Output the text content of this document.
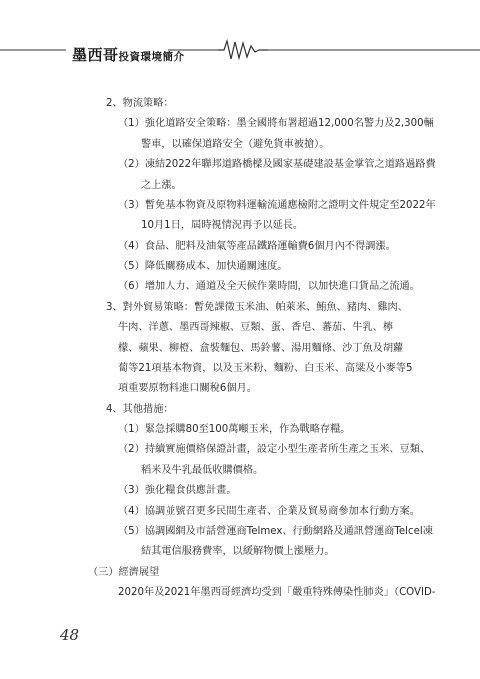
墨西哥投資環境簡介
2、物流策略：
（1）強化道路安全策略：墨全國將布署超過12,000名警力及2,300輛
警車，以確保道路安全（避免貨車被搶）。
（2）凍結2022年聯邦道路橋樑及國家基礎建設基金掌管之道路過路費
之上漲。
（3）暫免基本物資及原物料運輸流通應檢附之證明文件規定至2022年
10月1日，屆時視情況再予以延長。
（4）食品、肥料及油氣等產品鐵路運輸費6個月內不得調漲。
（5）降低關務成本、加快通關速度。
（6）增加人力、通道及全天候作業時間，以加快進口貨品之流通。
3、對外貿易策略：暫免課徵玉米油、帕萊米、鮪魚、豬肉、雞肉、
牛肉、洋蔥、墨西哥辣椒、豆類、蛋、香皂、蕃茄、牛乳、檸
檬、蘋果、柳橙、盒裝麵包、馬鈴薯、湯用麵條、沙丁魚及胡蘿
蔔等21項基本物資，以及玉米粉、麵粉、白玉米、高粱及小麥等5
項重要原物料進口關稅6個月。
4、其他措施：
（1）緊急採購80至100萬噸玉米，作為戰略存糧。
（2）持續實施價格保證計畫，設定小型生產者所生產之玉米、豆類、
稻米及牛乳最低收購價格。
（3）強化糧食供應計畫。
（4）協調並號召更多民間生產者、企業及貿易商參加本行動方案。
（5）協調國網及市話營運商Telmex、行動網路及通訊營運商Telcel凍
結其電信服務費率，以緩解物價上漲壓力。
（三）經濟展望
2020年及2021年墨西哥經濟均受到「嚴重特殊傳染性肺炎」（COVID-
48
